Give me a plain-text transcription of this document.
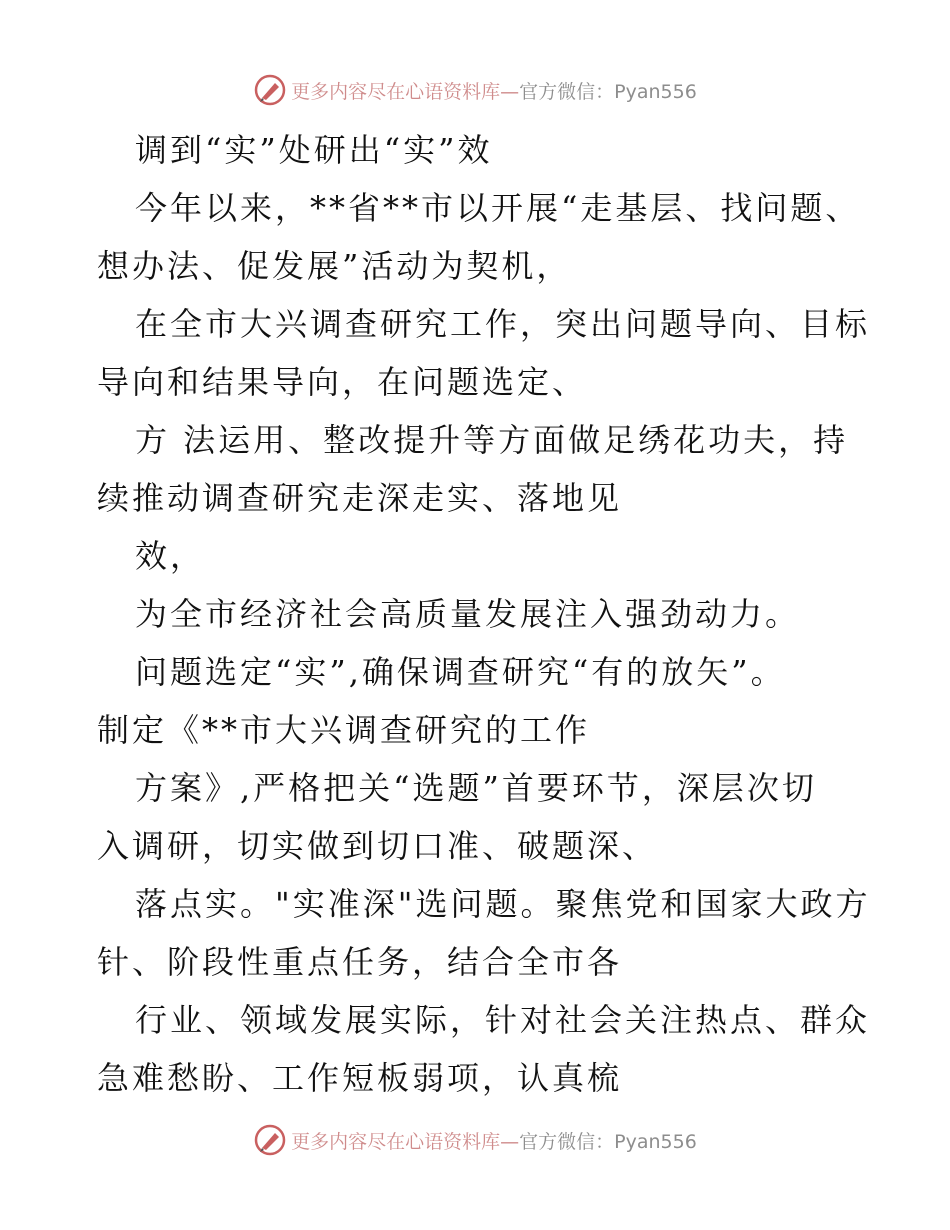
更多内容尽在心语资料库—官方微信：Pyan556
调到“实”处研出“实”效
今年以来，**省**市以开展“走基层、找问题、
想办法、促发展”活动为契机，
在全市大兴调查研究工作，突出问题导向、目标
导向和结果导向，在问题选定、
方 法运用、整改提升等方面做足绣花功夫，持
续推动调查研究走深走实、落地见
效，
为全市经济社会高质量发展注入强劲动力。
问题选定“实”,确保调查研究“有的放矢”。
制定《**市大兴调查研究的工作
方案》,严格把关“选题”首要环节，深层次切
入调研，切实做到切口准、破题深、
落点实。"实准深"选问题。聚焦党和国家大政方
针、阶段性重点任务，结合全市各
行业、领域发展实际，针对社会关注热点、群众
急难愁盼、工作短板弱项，认真梳
更多内容尽在心语资料库—官方微信：Pyan556
